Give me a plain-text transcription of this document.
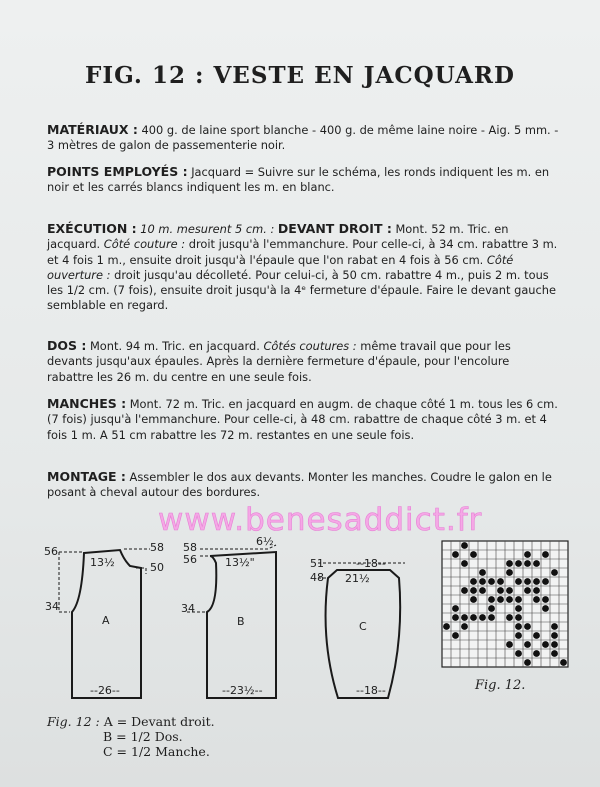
FIG. 12 : VESTE EN JACQUARD
MATÉRIAUX : 400 g. de laine sport blanche - 400 g. de même laine noire - Aig. 5 mm. - 3 mètres de galon de passementerie noir.
POINTS EMPLOYÉS : Jacquard = Suivre sur le schéma, les ronds indiquent les m. en noir et les carrés blancs indiquent les m. en blanc.
EXÉCUTION : 10 m. mesurent 5 cm. : DEVANT DROIT : Mont. 52 m. Tric. en jacquard. Côté couture : droit jusqu'à l'emmanchure. Pour celle-ci, à 34 cm. rabattre 3 m. et 4 fois 1 m., ensuite droit jusqu'à l'épaule que l'on rabat en 4 fois à 56 cm. Côté ouverture : droit jusqu'au décolleté. Pour celui-ci, à 50 cm. rabattre 4 m., puis 2 m. tous les 1/2 cm. (7 fois), ensuite droit jusqu'à la 4ᵉ fermeture d'épaule. Faire le devant gauche semblable en regard.
DOS : Mont. 94 m. Tric. en jacquard. Côtés coutures : même travail que pour les devants jusqu'aux épaules. Après la dernière fermeture d'épaule, pour l'encolure rabattre les 26 m. du centre en une seule fois.
MANCHES : Mont. 72 m. Tric. en jacquard en augm. de chaque côté 1 m. tous les 6 cm. (7 fois) jusqu'à l'emmanchure. Pour celle-ci, à 48 cm. rabattre de chaque côté 3 m. et 4 fois 1 m. A 51 cm rabattre les 72 m. restantes en une seule fois.
MONTAGE : Assembler le dos aux devants. Monter les manches. Coudre le galon en le posant à cheval autour des bordures.
www.benesaddict.fr
56	58
50
13½
34
A
--26--
58	6½
56	13½"
34
B
--23½--
51	--18--
48 21½
C
--18--	Fig. 12.
Fig. 12 : A = Devant droit.
B = 1/2 Dos.
C = 1/2 Manche.
